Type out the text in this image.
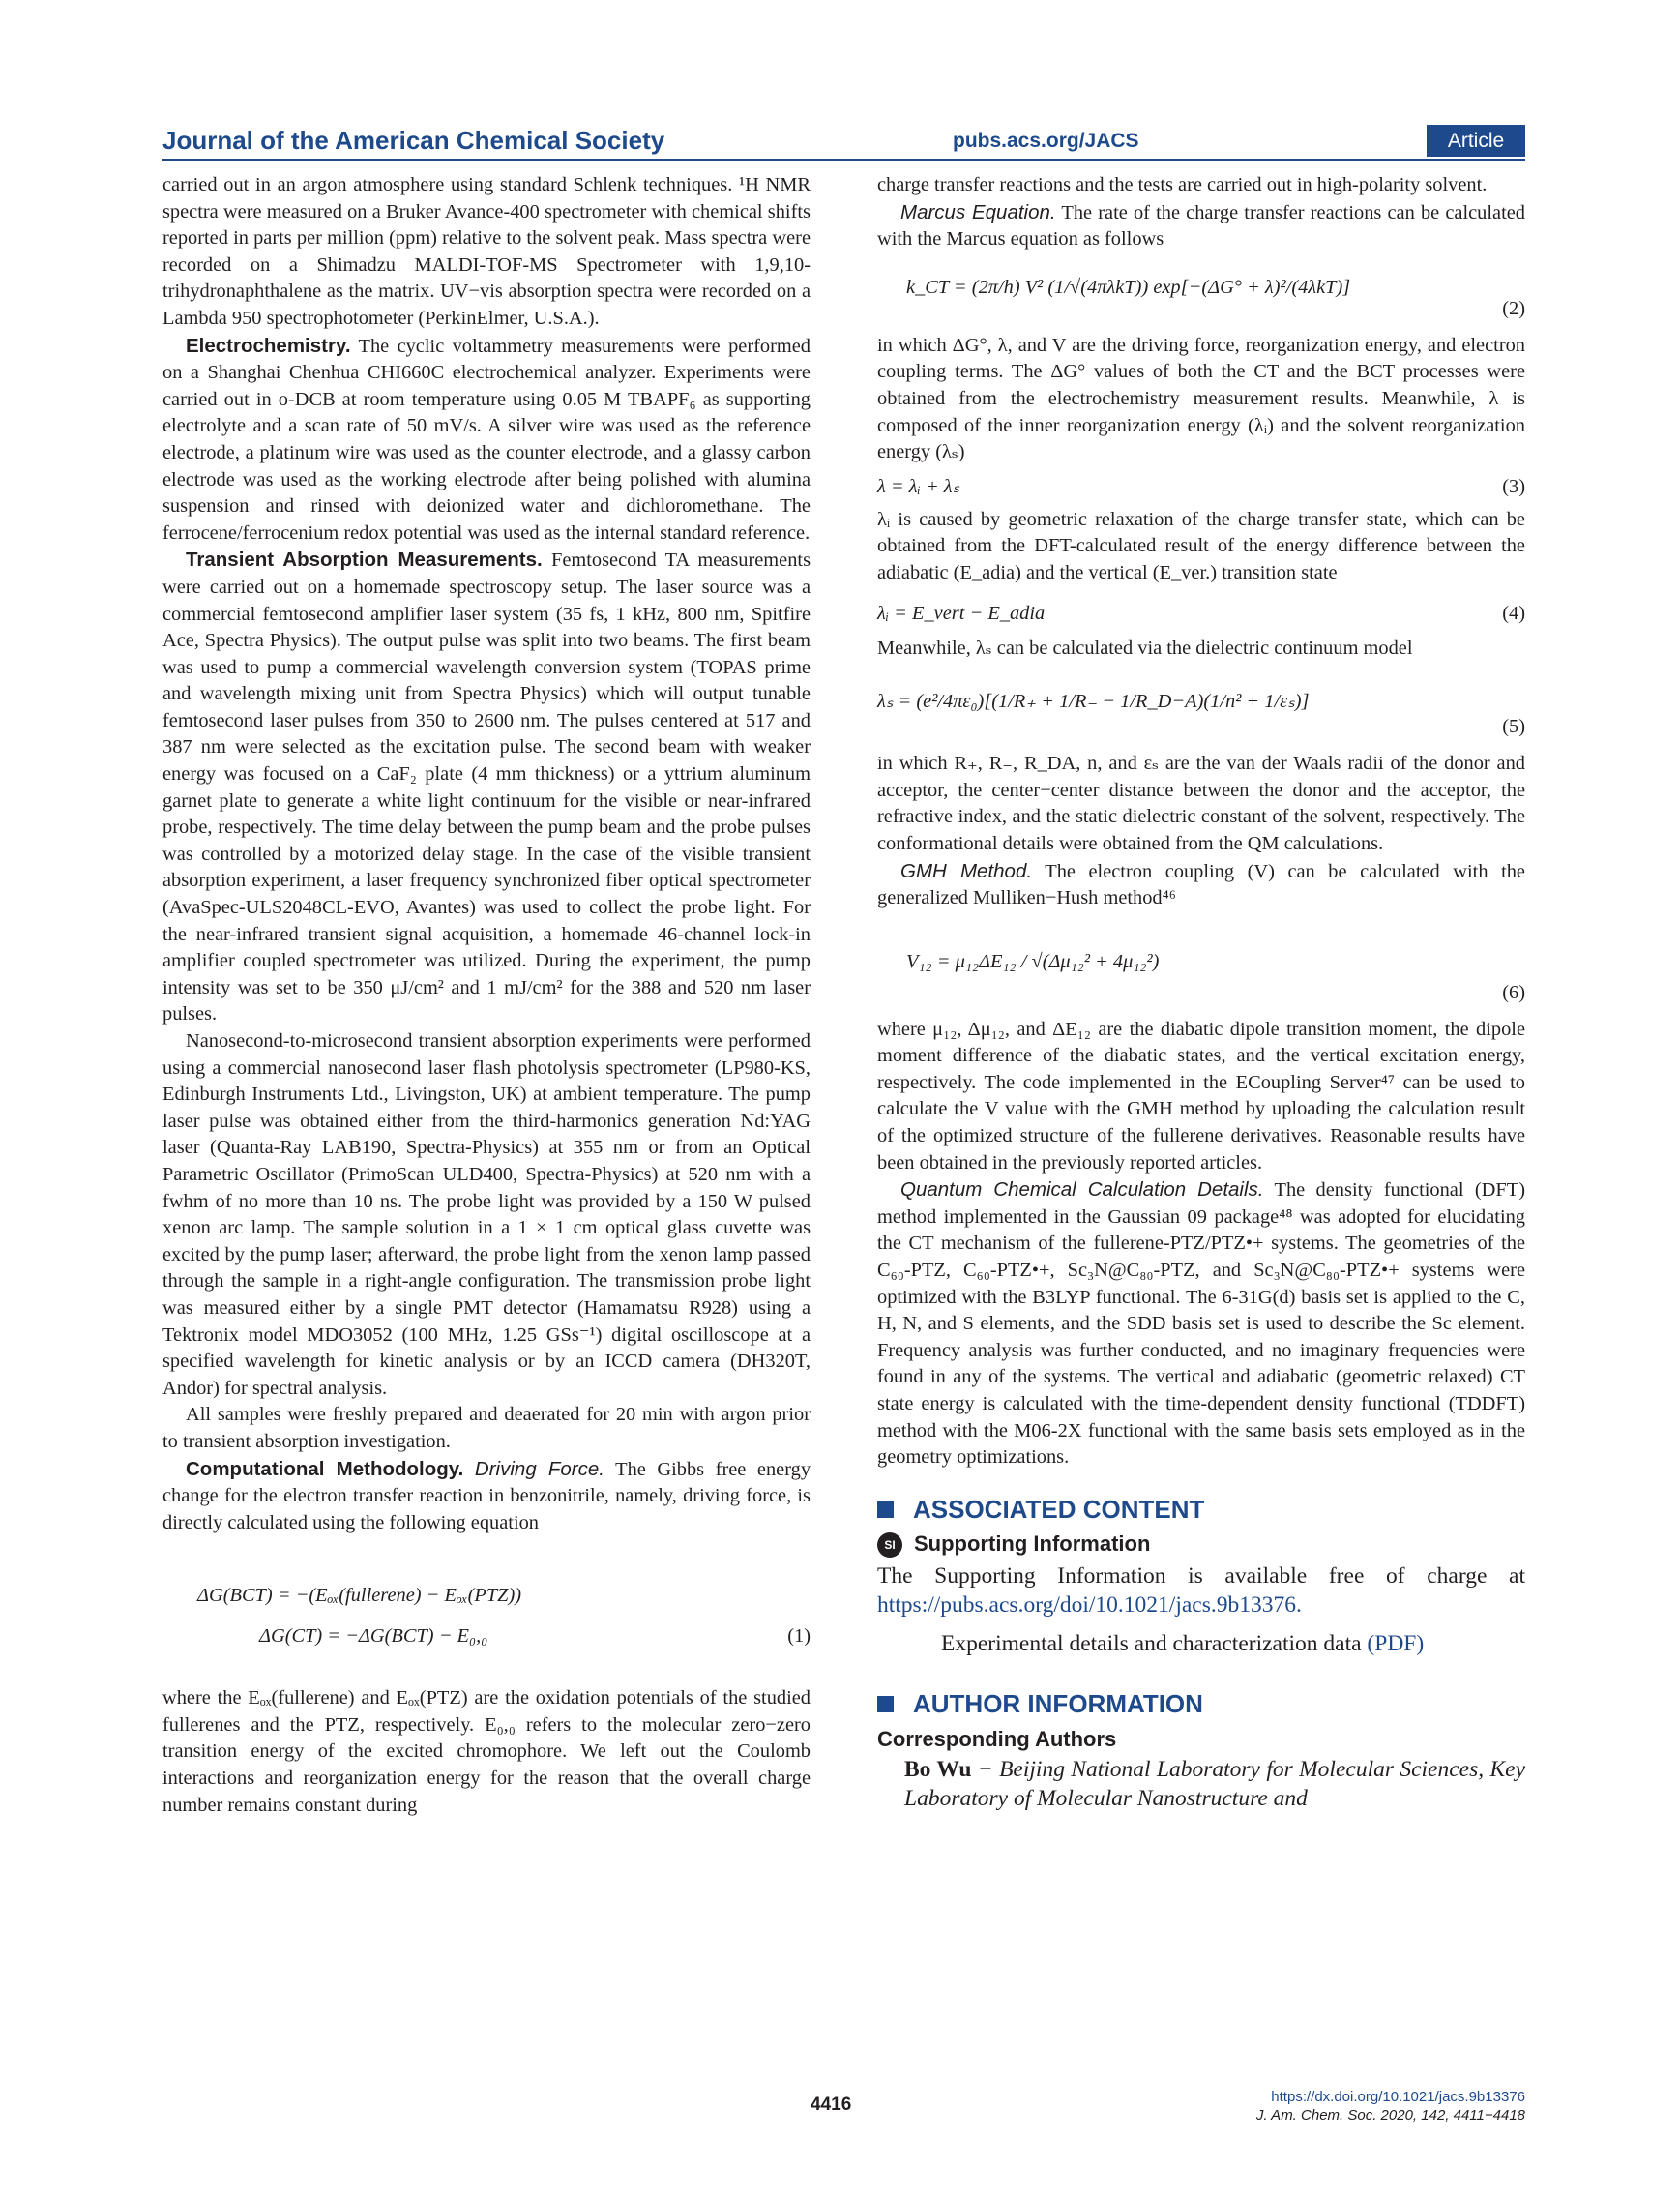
Journal of the American Chemical Society	pubs.acs.org/JACS	Article

carried out in an argon atmosphere using standard Schlenk techniques. ¹H NMR spectra were measured on a Bruker Avance-400 spectrometer with chemical shifts reported in parts per million (ppm) relative to the solvent peak. Mass spectra were recorded on a Shimadzu MALDI-TOF-MS Spectrometer with 1,9,10-trihydronaphthalene as the matrix. UV−vis absorption spectra were recorded on a Lambda 950 spectrophotometer (PerkinElmer, U.S.A.).

Electrochemistry. The cyclic voltammetry measurements were performed on a Shanghai Chenhua CHI660C electrochemical analyzer. Experiments were carried out in o-DCB at room temperature using 0.05 M TBAPF₆ as supporting electrolyte and a scan rate of 50 mV/s. A silver wire was used as the reference electrode, a platinum wire was used as the counter electrode, and a glassy carbon electrode was used as the working electrode after being polished with alumina suspension and rinsed with deionized water and dichloromethane. The ferrocene/ferrocenium redox potential was used as the internal standard reference.

Transient Absorption Measurements. Femtosecond TA measurements were carried out on a homemade spectroscopy setup. The laser source was a commercial femtosecond amplifier laser system (35 fs, 1 kHz, 800 nm, Spitfire Ace, Spectra Physics). The output pulse was split into two beams. The first beam was used to pump a commercial wavelength conversion system (TOPAS prime and wavelength mixing unit from Spectra Physics) which will output tunable femtosecond laser pulses from 350 to 2600 nm. The pulses centered at 517 and 387 nm were selected as the excitation pulse. The second beam with weaker energy was focused on a CaF₂ plate (4 mm thickness) or a yttrium aluminum garnet plate to generate a white light continuum for the visible or near-infrared probe, respectively. The time delay between the pump beam and the probe pulses was controlled by a motorized delay stage. In the case of the visible transient absorption experiment, a laser frequency synchronized fiber optical spectrometer (AvaSpec-ULS2048CL-EVO, Avantes) was used to collect the probe light. For the near-infrared transient signal acquisition, a homemade 46-channel lock-in amplifier coupled spectrometer was utilized. During the experiment, the pump intensity was set to be 350 μJ/cm² and 1 mJ/cm² for the 388 and 520 nm laser pulses.

Nanosecond-to-microsecond transient absorption experiments were performed using a commercial nanosecond laser flash photolysis spectrometer (LP980-KS, Edinburgh Instruments Ltd., Livingston, UK) at ambient temperature. The pump laser pulse was obtained either from the third-harmonics generation Nd:YAG laser (Quanta-Ray LAB190, Spectra-Physics) at 355 nm or from an Optical Parametric Oscillator (PrimoScan ULD400, Spectra-Physics) at 520 nm with a fwhm of no more than 10 ns. The probe light was provided by a 150 W pulsed xenon arc lamp. The sample solution in a 1 × 1 cm optical glass cuvette was excited by the pump laser; afterward, the probe light from the xenon lamp passed through the sample in a right-angle configuration. The transmission probe light was measured either by a single PMT detector (Hamamatsu R928) using a Tektronix model MDO3052 (100 MHz, 1.25 GSs⁻¹) digital oscilloscope at a specified wavelength for kinetic analysis or by an ICCD camera (DH320T, Andor) for spectral analysis.

All samples were freshly prepared and deaerated for 20 min with argon prior to transient absorption investigation.

Computational Methodology. Driving Force. The Gibbs free energy change for the electron transfer reaction in benzonitrile, namely, driving force, is directly calculated using the following equation

ΔG(BCT) = −(Eₒₓ(fullerene) − Eₒₓ(PTZ))
ΔG(CT) = −ΔG(BCT) − E₀,₀	(1)

where the Eₒₓ(fullerene) and Eₒₓ(PTZ) are the oxidation potentials of the studied fullerenes and the PTZ, respectively. E₀,₀ refers to the molecular zero−zero transition energy of the excited chromophore. We left out the Coulomb interactions and reorganization energy for the reason that the overall charge number remains constant during

charge transfer reactions and the tests are carried out in high-polarity solvent.

Marcus Equation. The rate of the charge transfer reactions can be calculated with the Marcus equation as follows

k_CT = (2π/ħ) V² (1/√(4πλkT)) exp[−(ΔG° + λ)²/(4λkT)]
(2)

in which ΔG°, λ, and V are the driving force, reorganization energy, and electron coupling terms. The ΔG° values of both the CT and the BCT processes were obtained from the electrochemistry measurement results. Meanwhile, λ is composed of the inner reorganization energy (λᵢ) and the solvent reorganization energy (λₛ)

λ = λᵢ + λₛ	(3)

λᵢ is caused by geometric relaxation of the charge transfer state, which can be obtained from the DFT-calculated result of the energy difference between the adiabatic (E_adia) and the vertical (E_ver.) transition state

λᵢ = E_vert − E_adia	(4)

Meanwhile, λₛ can be calculated via the dielectric continuum model

λₛ = (e²/4πε₀)[(1/R₊ + 1/R₋ − 1/R_D−A)(1/n² + 1/εₛ)]
(5)

in which R₊, R₋, R_DA, n, and εₛ are the van der Waals radii of the donor and acceptor, the center−center distance between the donor and the acceptor, the refractive index, and the static dielectric constant of the solvent, respectively. The conformational details were obtained from the QM calculations.

GMH Method. The electron coupling (V) can be calculated with the generalized Mulliken−Hush method⁴⁶

V₁₂ = μ₁₂ΔE₁₂ / √(Δμ₁₂² + 4μ₁₂²)
(6)

where μ₁₂, Δμ₁₂, and ΔE₁₂ are the diabatic dipole transition moment, the dipole moment difference of the diabatic states, and the vertical excitation energy, respectively. The code implemented in the ECoupling Server⁴⁷ can be used to calculate the V value with the GMH method by uploading the calculation result of the optimized structure of the fullerene derivatives. Reasonable results have been obtained in the previously reported articles.

Quantum Chemical Calculation Details. The density functional (DFT) method implemented in the Gaussian 09 package⁴⁸ was adopted for elucidating the CT mechanism of the fullerene-PTZ/PTZ•+ systems. The geometries of the C₆₀-PTZ, C₆₀-PTZ•+, Sc₃N@C₈₀-PTZ, and Sc₃N@C₈₀-PTZ•+ systems were optimized with the B3LYP functional. The 6-31G(d) basis set is applied to the C, H, N, and S elements, and the SDD basis set is used to describe the Sc element. Frequency analysis was further conducted, and no imaginary frequencies were found in any of the systems. The vertical and adiabatic (geometric relaxed) CT state energy is calculated with the time-dependent density functional (TDDFT) method with the M06-2X functional with the same basis sets employed as in the geometry optimizations.

ASSOCIATED CONTENT
SI Supporting Information

The Supporting Information is available free of charge at https://pubs.acs.org/doi/10.1021/jacs.9b13376.

Experimental details and characterization data (PDF)

AUTHOR INFORMATION
Corresponding Authors

Bo Wu − Beijing National Laboratory for Molecular Sciences, Key Laboratory of Molecular Nanostructure and

4416	https://dx.doi.org/10.1021/jacs.9b13376
J. Am. Chem. Soc. 2020, 142, 4411−4418
